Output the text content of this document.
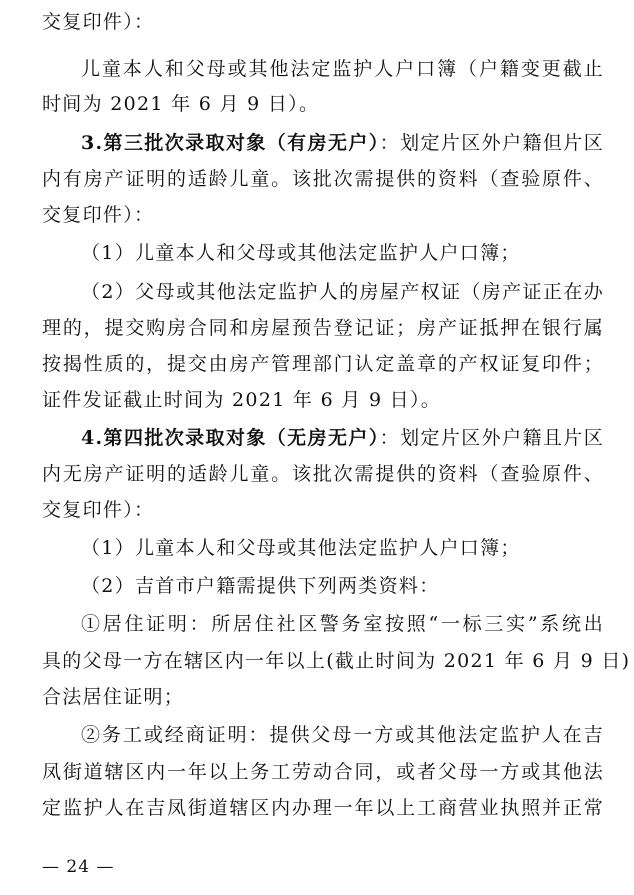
交复印件）：
儿童本人和父母或其他法定监护人户口簿（户籍变更截止
时间为 2021 年 6 月 9 日）。
3.第三批次录取对象（有房无户）：划定片区外户籍但片区
内有房产证明的适龄儿童。该批次需提供的资料（查验原件、
交复印件）：
（1）儿童本人和父母或其他法定监护人户口簿；
（2）父母或其他法定监护人的房屋产权证（房产证正在办
理的，提交购房合同和房屋预告登记证；房产证抵押在银行属
按揭性质的，提交由房产管理部门认定盖章的产权证复印件；
证件发证截止时间为 2021 年 6 月 9 日）。
4.第四批次录取对象（无房无户）：划定片区外户籍且片区
内无房产证明的适龄儿童。该批次需提供的资料（查验原件、
交复印件）：
（1）儿童本人和父母或其他法定监护人户口簿；
（2）吉首市户籍需提供下列两类资料：
①居住证明：所居住社区警务室按照“一标三实”系统出
具的父母一方在辖区内一年以上(截止时间为 2021 年 6 月 9 日)
合法居住证明；
②务工或经商证明：提供父母一方或其他法定监护人在吉
凤街道辖区内一年以上务工劳动合同，或者父母一方或其他法
定监护人在吉凤街道辖区内办理一年以上工商营业执照并正常
— 24 —
